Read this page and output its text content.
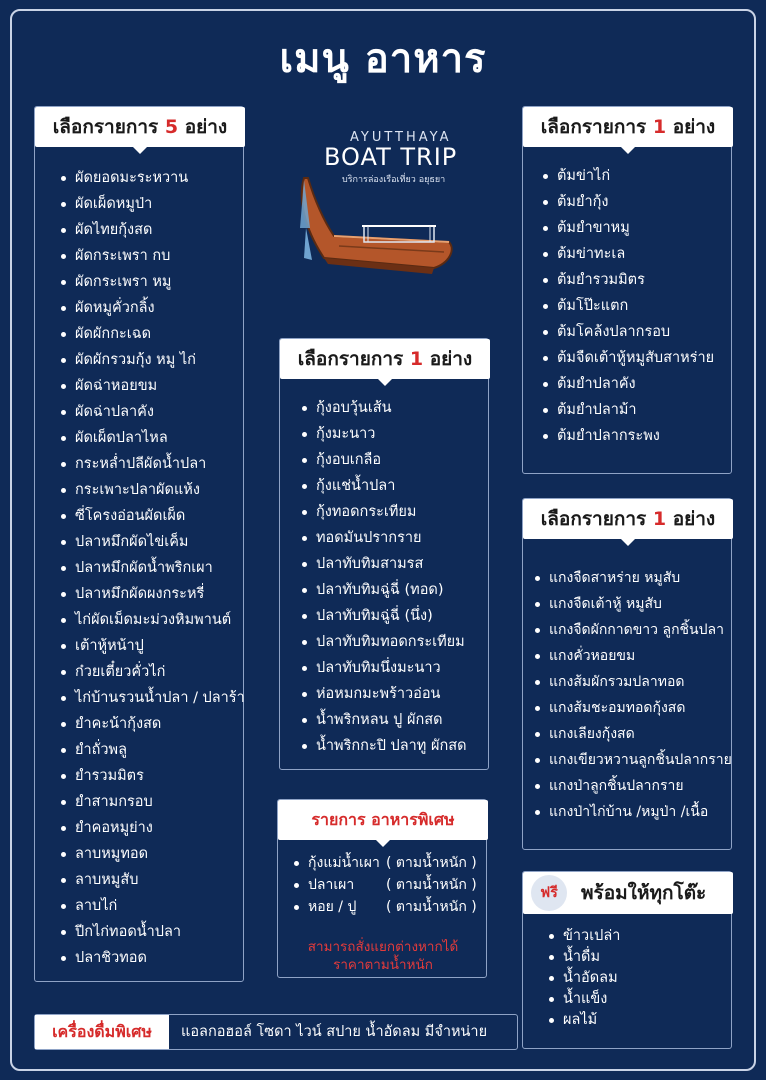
เมนู อาหาร
AYUTTHAYA
BOAT TRIP
บริการล่องเรือเที่ยว อยุธยา
เลือกรายการ 5 อย่าง
ผัดยอดมะระหวาน
ผัดเผ็ดหมูป่า
ผัดไทยกุ้งสด
ผัดกระเพรา กบ
ผัดกระเพรา หมู
ผัดหมูคั่วกลิ้ง
ผัดผักกะเฉด
ผัดผักรวมกุ้ง หมู ไก่
ผัดฉ่าหอยขม
ผัดฉ่าปลาคัง
ผัดเผ็ดปลาไหล
กระหล่ำปลีผัดน้ำปลา
กระเพาะปลาผัดแห้ง
ซี่โครงอ่อนผัดเผ็ด
ปลาหมึกผัดไข่เค็ม
ปลาหมึกผัดน้ำพริกเผา
ปลาหมึกผัดผงกระหรี่
ไก่ผัดเม็ดมะม่วงหิมพานต์
เต้าหู้หน้าปู
ก๋วยเตี๋ยวคั่วไก่
ไก่บ้านรวนน้ำปลา / ปลาร้า
ยำคะน้ากุ้งสด
ยำถั่วพลู
ยำรวมมิตร
ยำสามกรอบ
ยำคอหมูย่าง
ลาบหมูทอด
ลาบหมูสับ
ลาบไก่
ปีกไก่ทอดน้ำปลา
ปลาชิวทอด
เลือกรายการ 1 อย่าง
กุ้งอบวุ้นเส้น
กุ้งมะนาว
กุ้งอบเกลือ
กุ้งแช่น้ำปลา
กุ้งทอดกระเทียม
ทอดมันปรากราย
ปลาทับทิมสามรส
ปลาทับทิมฉู่ฉี่ (ทอด)
ปลาทับทิมฉู่ฉี่ (นึ่ง)
ปลาทับทิมทอดกระเทียม
ปลาทับทิมนึ่งมะนาว
ห่อหมกมะพร้าวอ่อน
น้ำพริกหลน ปู ผักสด
น้ำพริกกะปิ ปลาทู ผักสด
เลือกรายการ 1 อย่าง
ต้มข่าไก่
ต้มยำกุ้ง
ต้มยำขาหมู
ต้มข่าทะเล
ต้มยำรวมมิตร
ต้มโป๊ะแตก
ต้มโคล้งปลากรอบ
ต้มจืดเต้าหู้หมูสับสาหร่าย
ต้มยำปลาคัง
ต้มยำปลาม้า
ต้มยำปลากระพง
เลือกรายการ 1 อย่าง
แกงจืดสาหร่าย หมูสับ
แกงจืดเต้าหู้ หมูสับ
แกงจืดผักกาดขาว ลูกชิ้นปลา
แกงคั่วหอยขม
แกงส้มผักรวมปลาทอด
แกงส้มชะอมทอดกุ้งสด
แกงเลียงกุ้งสด
แกงเขียวหวานลูกชิ้นปลากราย
แกงป่าลูกชิ้นปลากราย
แกงป่าไก่บ้าน /หมูป่า /เนื้อ
รายการ อาหารพิเศษ
กุ้งแม่น้ำเผา ( ตามน้ำหนัก )
ปลาเผา ( ตามน้ำหนัก )
หอย / ปู ( ตามน้ำหนัก )
สามารถสั่งแยกต่างหากได้
ราคาตามน้ำหนัก
ฟรี	พร้อมให้ทุกโต๊ะ
ข้าวเปล่า
น้ำดื่ม
น้ำอัดลม
น้ำแข็ง
ผลไม้
เครื่องดื่มพิเศษ	แอลกอฮอล์ โซดา ไวน์ สปาย น้ำอัดลม มีจำหน่าย
